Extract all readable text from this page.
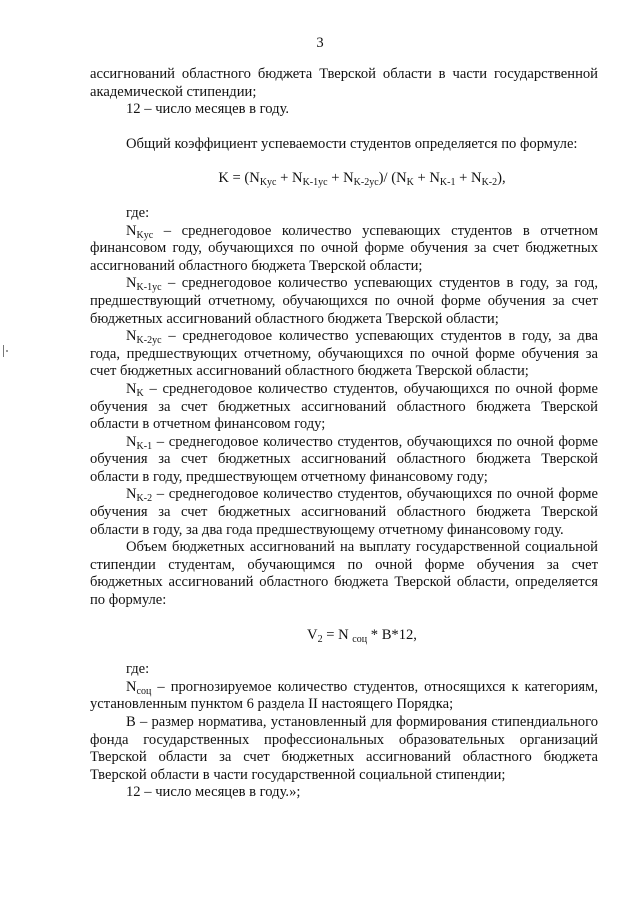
3

ассигнований областного бюджета Тверской области в части государственной академической стипендии;

12 – число месяцев в году.

Общий коэффициент успеваемости студентов определяется по формуле:

$K = (N_{Kус} + N_{K-1ус} + N_{K-2ус})/$ $(N_K + N_{K-1} + N_{K-2})$,

где:

$N_{Kус}$ – среднегодовое количество успевающих студентов в отчетном финансовом году, обучающихся по очной форме обучения за счет бюджетных ассигнований областного бюджета Тверской области;

$N_{K-1ус}$ – среднегодовое количество успевающих студентов в году, за год, предшествующий отчетному, обучающихся по очной форме обучения за счет бюджетных ассигнований областного бюджета Тверской области;

$N_{K-2ус}$ – среднегодовое количество успевающих студентов в году, за два года, предшествующих отчетному, обучающихся по очной форме обучения за счет бюджетных ассигнований областного бюджета Тверской области;

$N_K$ – среднегодовое количество студентов, обучающихся по очной форме обучения за счет бюджетных ассигнований областного бюджета Тверской области в отчетном финансовом году;

$N_{K-1}$ – среднегодовое количество студентов, обучающихся по очной форме обучения за счет бюджетных ассигнований областного бюджета Тверской области в году, предшествующем отчетному финансовому году;

$N_{K-2}$ – среднегодовое количество студентов, обучающихся по очной форме обучения за счет бюджетных ассигнований областного бюджета Тверской области в году, за два года предшествующему отчетному финансовому году.

Объем бюджетных ассигнований на выплату государственной социальной стипендии студентам, обучающимся по очной форме обучения за счет бюджетных ассигнований областного бюджета Тверской области, определяется по формуле:

$V_2 = N$ $_{соц}$ * B*12,

где:

$N_{соц}$ – прогнозируемое количество студентов, относящихся к категориям, установленным пунктом 6 раздела II настоящего Порядка;

B – размер норматива, установленный для формирования стипендиального фонда государственных профессиональных образовательных организаций Тверской области за счет бюджетных ассигнований областного бюджета Тверской области в части государственной социальной стипендии;

12 – число месяцев в году.»;
